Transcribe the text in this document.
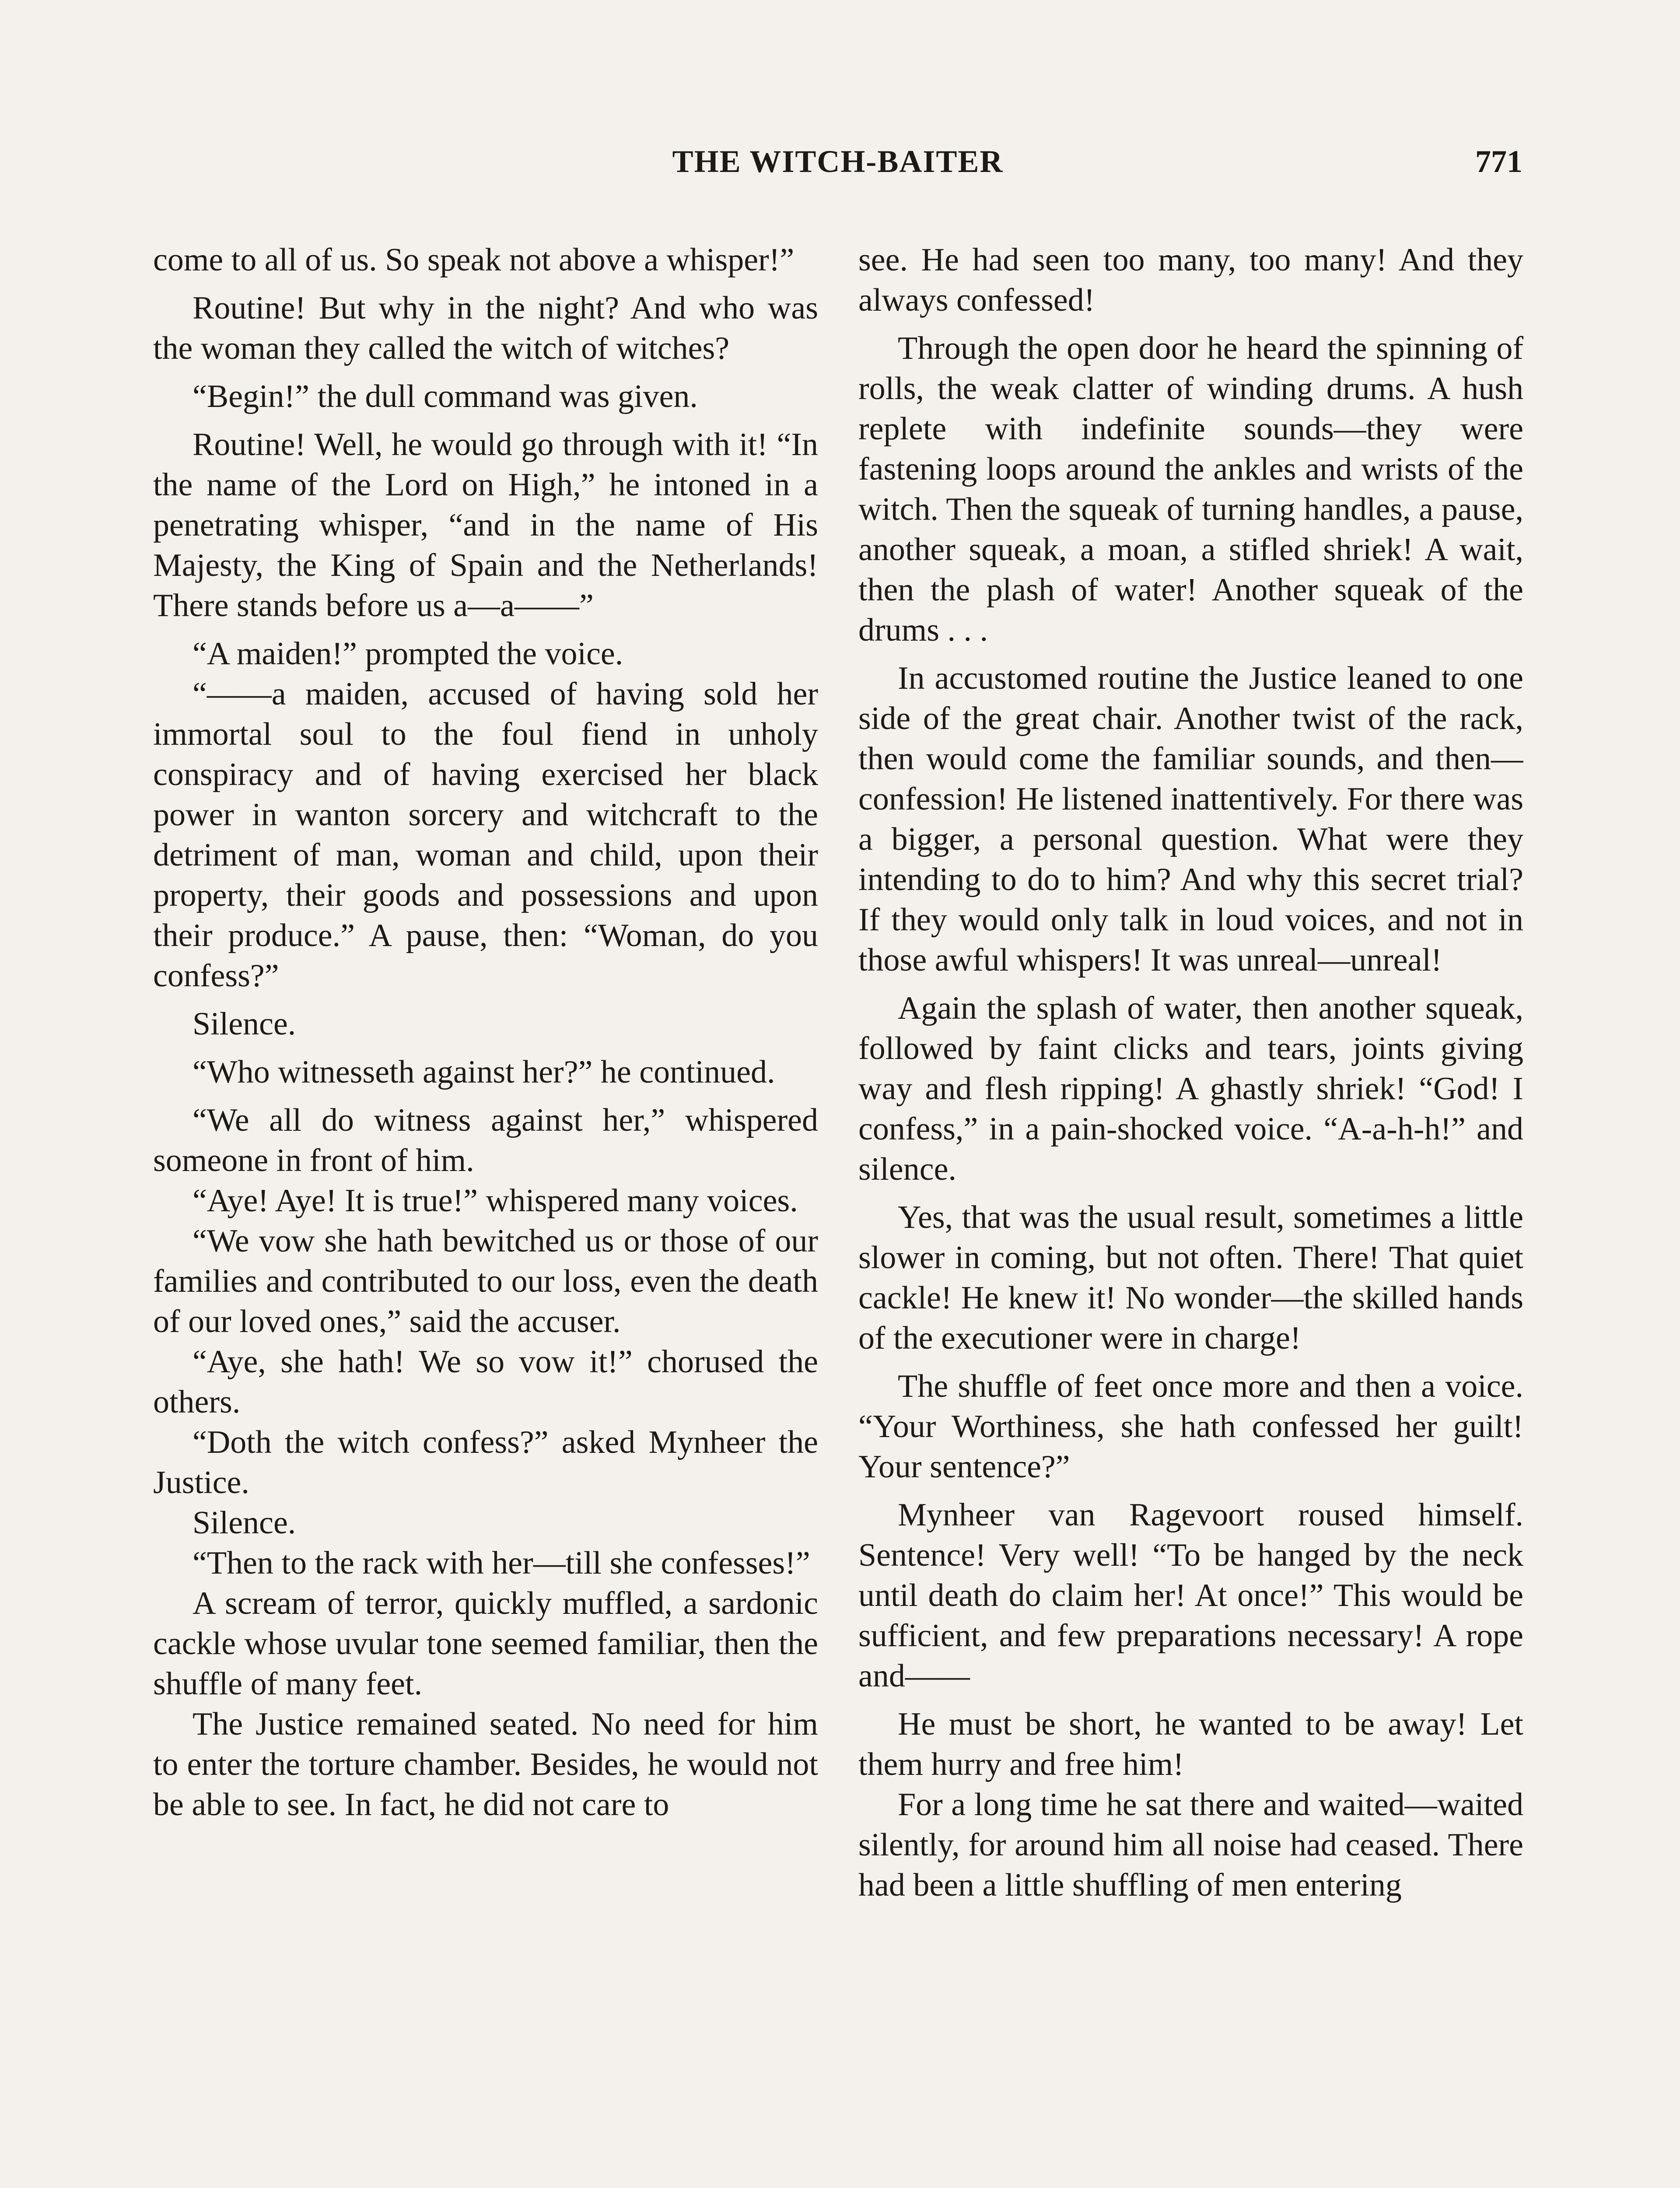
THE WITCH-BAITER	771

come to all of us. So speak not above a whisper!”

Routine! But why in the night? And who was the woman they called the witch of witches?

“Begin!” the dull command was given.

Routine! Well, he would go through with it! “In the name of the Lord on High,” he intoned in a penetrating whisper, “and in the name of His Majesty, the King of Spain and the Netherlands! There stands before us a—a——”

“A maiden!” prompted the voice.

“——a maiden, accused of having sold her immortal soul to the foul fiend in unholy conspiracy and of having exercised her black power in wanton sorcery and witchcraft to the detriment of man, woman and child, upon their property, their goods and possessions and upon their produce.” A pause, then: “Woman, do you confess?”

Silence.

“Who witnesseth against her?” he continued.

“We all do witness against her,” whispered someone in front of him.

“Aye! Aye! It is true!” whispered many voices.

“We vow she hath bewitched us or those of our families and contributed to our loss, even the death of our loved ones,” said the accuser.

“Aye, she hath! We so vow it!” chorused the others.

“Doth the witch confess?” asked Mynheer the Justice.

Silence.

“Then to the rack with her—till she confesses!”

A scream of terror, quickly muffled, a sardonic cackle whose uvular tone seemed familiar, then the shuffle of many feet.

The Justice remained seated. No need for him to enter the torture chamber. Besides, he would not be able to see. In fact, he did not care to

see. He had seen too many, too many! And they always confessed!

Through the open door he heard the spinning of rolls, the weak clatter of winding drums. A hush replete with indefinite sounds—they were fastening loops around the ankles and wrists of the witch. Then the squeak of turning handles, a pause, another squeak, a moan, a stifled shriek! A wait, then the plash of water! Another squeak of the drums . . .

In accustomed routine the Justice leaned to one side of the great chair. Another twist of the rack, then would come the familiar sounds, and then—confession! He listened inattentively. For there was a bigger, a personal question. What were they intending to do to him? And why this secret trial? If they would only talk in loud voices, and not in those awful whispers! It was unreal—unreal!

Again the splash of water, then another squeak, followed by faint clicks and tears, joints giving way and flesh ripping! A ghastly shriek! “God! I confess,” in a pain-shocked voice. “A-a-h-h!” and silence.

Yes, that was the usual result, sometimes a little slower in coming, but not often. There! That quiet cackle! He knew it! No wonder—the skilled hands of the executioner were in charge!

The shuffle of feet once more and then a voice. “Your Worthiness, she hath confessed her guilt! Your sentence?”

Mynheer van Ragevoort roused himself. Sentence! Very well! “To be hanged by the neck until death do claim her! At once!” This would be sufficient, and few preparations necessary! A rope and——

He must be short, he wanted to be away! Let them hurry and free him!

For a long time he sat there and waited—waited silently, for around him all noise had ceased. There had been a little shuffling of men entering
